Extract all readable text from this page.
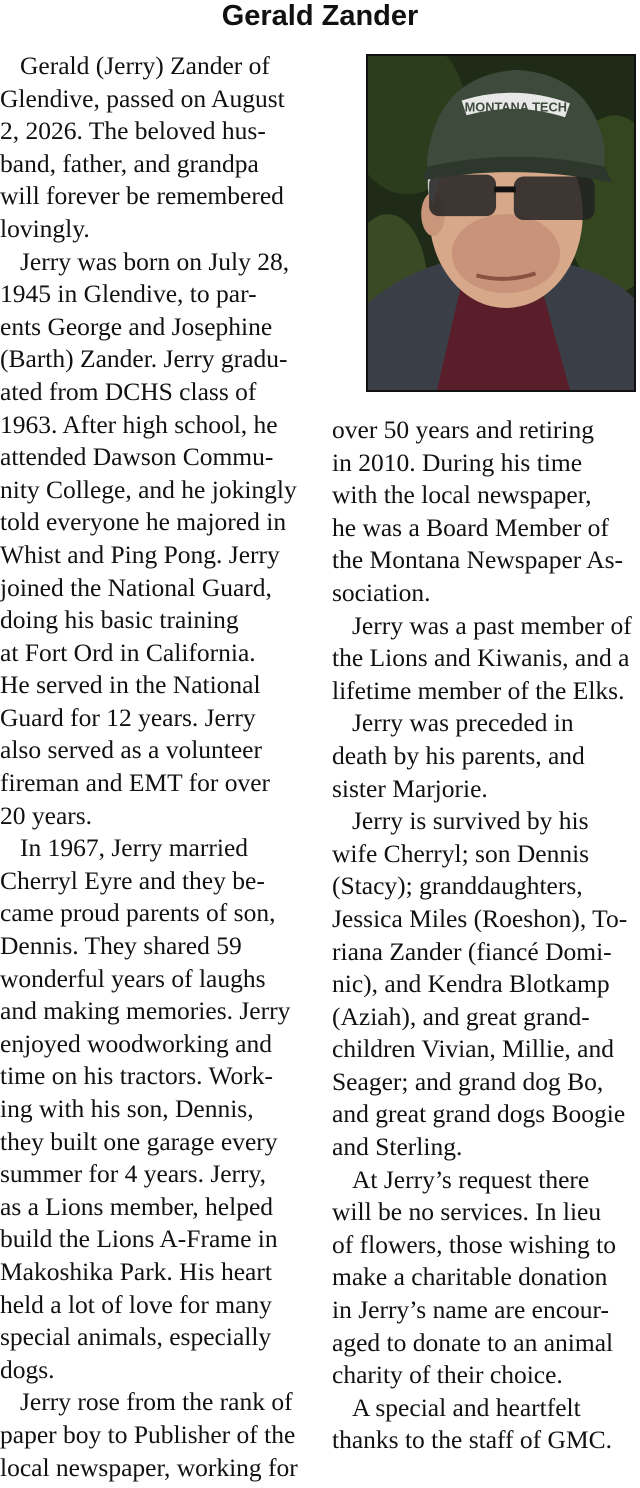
Gerald Zander
MONTANA TECH
Gerald (Jerry) Zander of
Glendive, passed on August
2, 2026. The beloved hus-
band, father, and grandpa
will forever be remembered
lovingly.
Jerry was born on July 28,
1945 in Glendive, to par-
ents George and Josephine
(Barth) Zander. Jerry gradu-
ated from DCHS class of
1963. After high school, he
attended Dawson Commu-
nity College, and he jokingly
told everyone he majored in
Whist and Ping Pong. Jerry
joined the National Guard,
doing his basic training
at Fort Ord in California.
He served in the National
Guard for 12 years. Jerry
also served as a volunteer
fireman and EMT for over
20 years.
In 1967, Jerry married
Cherryl Eyre and they be-
came proud parents of son,
Dennis. They shared 59
wonderful years of laughs
and making memories. Jerry
enjoyed woodworking and
time on his tractors. Work-
ing with his son, Dennis,
they built one garage every
summer for 4 years. Jerry,
as a Lions member, helped
build the Lions A-Frame in
Makoshika Park. His heart
held a lot of love for many
special animals, especially
dogs.
Jerry rose from the rank of
paper boy to Publisher of the
local newspaper, working for
over 50 years and retiring
in 2010. During his time
with the local newspaper,
he was a Board Member of
the Montana Newspaper As-
sociation.
Jerry was a past member of
the Lions and Kiwanis, and a
lifetime member of the Elks.
Jerry was preceded in
death by his parents, and
sister Marjorie.
Jerry is survived by his
wife Cherryl; son Dennis
(Stacy); granddaughters,
Jessica Miles (Roeshon), To-
riana Zander (fiancé Domi-
nic), and Kendra Blotkamp
(Aziah), and great grand-
children Vivian, Millie, and
Seager; and grand dog Bo,
and great grand dogs Boogie
and Sterling.
At Jerry’s request there
will be no services. In lieu
of flowers, those wishing to
make a charitable donation
in Jerry’s name are encour-
aged to donate to an animal
charity of their choice.
A special and heartfelt
thanks to the staff of GMC.
